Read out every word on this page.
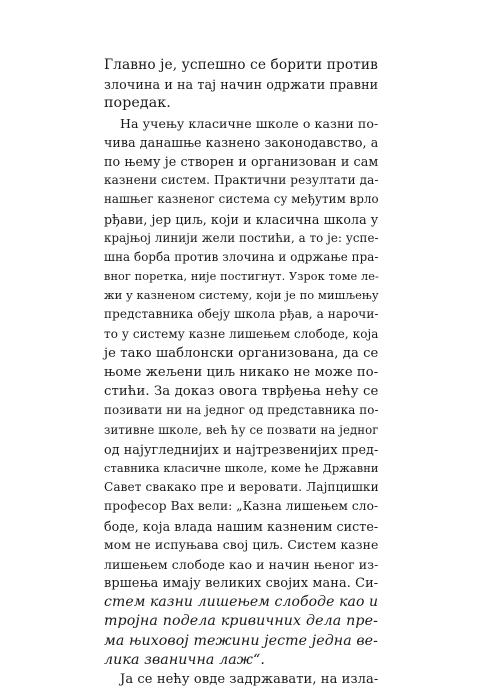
Главно је, успешно се борити против
злочина и на тај начин одржати правни
поредак.
На учењу класичне школе о казни по-
чива данашње казнено законодавство, а
по њему је створен и организован и сам
казнени систем. Практични резултати да-
нашњег казненог система су међутим врло
рђави, јер циљ, који и класична школа у
крајњој линији жели постићи, а то је: успе-
шна борба против злочина и одржање пра-
вног поретка, није постигнут. Узрок томе ле-
жи у казненом систему, који је по мишљењу
представника обеју школа рђав, а нарочи-
то у систему казне лишењем слободе, која
је тако шаблонски организована, да се
њоме жељени циљ никако не може по-
стићи. За доказ овога тврђења нећу се
позивати ни на једног од представника по-
зитивне школе, већ ћу се позвати на једног
од најугледнијих и најтрезвенијих пред-
ставника класичне школе, коме ће Државни
Савет свакако пре и веровати. Лајпцишки
професор Вах вели: „Казна лишењем сло-
боде, која влада нашим казненим систе-
мом не испуњава свој циљ. Систем казне
лишењем слободе као и начин њеног из-
вршења имају великих својих мана. Си-
стем казни лишењем слободе као и
тројна подела кривичних дела пре-
ма њиховој тежини јесте једна ве-
лика званична лаж“.
Ја се нећу овде задржавати, на изла-
